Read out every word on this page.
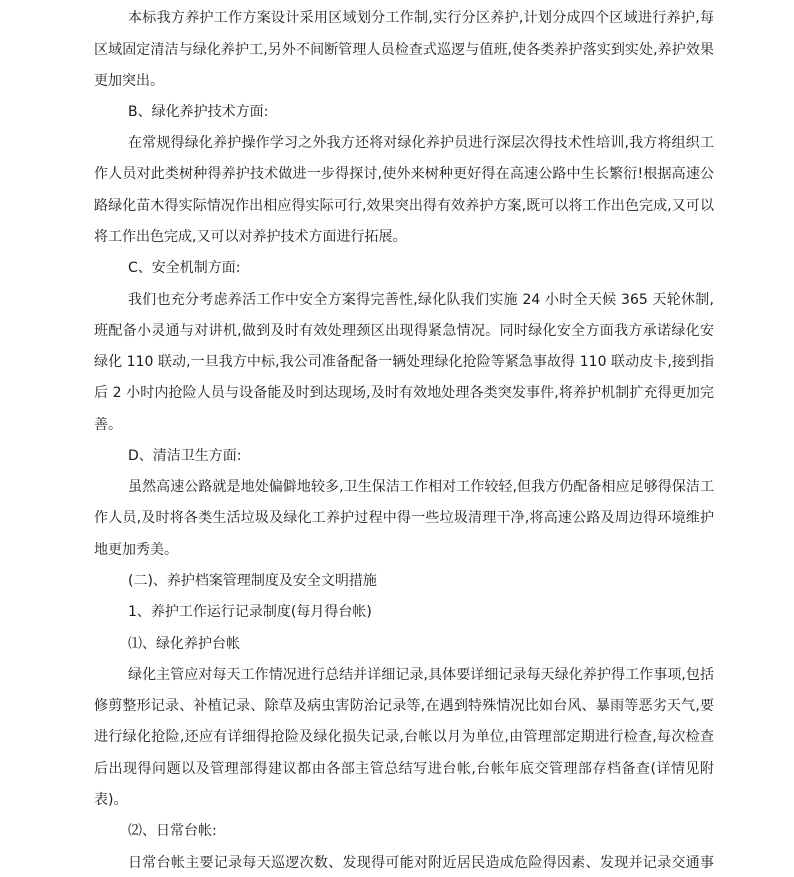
本标我方养护工作方案设计采用区域划分工作制,实行分区养护,计划分成四个区域进行养护,每
区域固定清洁与绿化养护工,另外不间断管理人员检查式巡逻与值班,使各类养护落实到实处,养护效果
更加突出。
B、绿化养护技术方面:
在常规得绿化养护操作学习之外我方还将对绿化养护员进行深层次得技术性培训,我方将组织工
作人员对此类树种得养护技术做进一步得探讨,使外来树种更好得在高速公路中生长繁衍!根据高速公
路绿化苗木得实际情况作出相应得实际可行,效果突出得有效养护方案,既可以将工作出色完成,又可以
将工作出色完成,又可以对养护技术方面进行拓展。
C、安全机制方面:
我们也充分考虑养活工作中安全方案得完善性,绿化队我们实施 24 小时全天候 365 天轮休制,
班配备小灵通与对讲机,做到及时有效处理颈区出现得紧急情况。同时绿化安全方面我方承诺绿化安
绿化 110 联动,一旦我方中标,我公司准备配备一辆处理绿化抢险等紧急事故得 110 联动皮卡,接到指
后 2 小时内抢险人员与设备能及时到达现场,及时有效地处理各类突发事件,将养护机制扩充得更加完
善。
D、清洁卫生方面:
虽然高速公路就是地处偏僻地较多,卫生保洁工作相对工作较轻,但我方仍配备相应足够得保洁工
作人员,及时将各类生活垃圾及绿化工养护过程中得一些垃圾清理干净,将高速公路及周边得环境维护
地更加秀美。
(二)、养护档案管理制度及安全文明措施
1、养护工作运行记录制度(每月得台帐)
⑴、绿化养护台帐
绿化主管应对每天工作情况进行总结并详细记录,具体要详细记录每天绿化养护得工作事项,包括
修剪整形记录、补植记录、除草及病虫害防治记录等,在遇到特殊情况比如台风、暴雨等恶劣天气,要
进行绿化抢险,还应有详细得抢险及绿化损失记录,台帐以月为单位,由管理部定期进行检查,每次检查
后出现得问题以及管理部得建议都由各部主管总结写进台帐,台帐年底交管理部存档备查(详情见附
表)。
⑵、日常台帐:
日常台帐主要记录每天巡逻次数、发现得可能对附近居民造成危险得因素、发现并记录交通事
